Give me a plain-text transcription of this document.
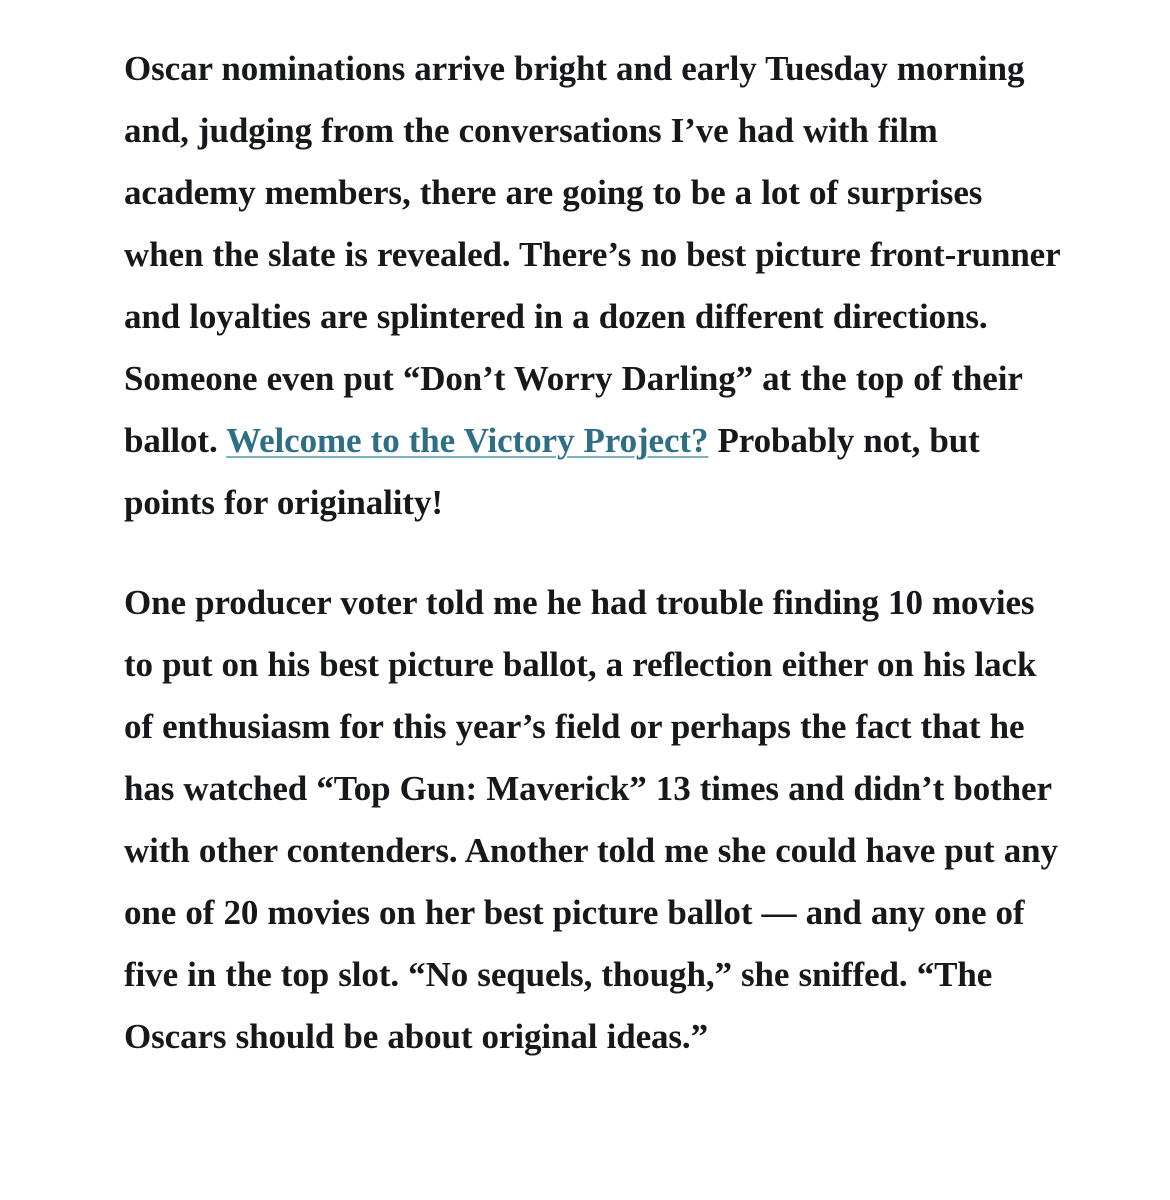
Oscar nominations arrive bright and early Tuesday morning and, judging from the conversations I’ve had with film academy members, there are going to be a lot of surprises when the slate is revealed. There’s no best picture front-runner and loyalties are splintered in a dozen different directions. Someone even put “Don’t Worry Darling” at the top of their ballot. Welcome to the Victory Project? Probably not, but points for originality!

One producer voter told me he had trouble finding 10 movies to put on his best picture ballot, a reflection either on his lack of enthusiasm for this year’s field or perhaps the fact that he has watched “Top Gun: Maverick” 13 times and didn’t bother with other contenders. Another told me she could have put any one of 20 movies on her best picture ballot — and any one of five in the top slot. “No sequels, though,” she sniffed. “The Oscars should be about original ideas.”
